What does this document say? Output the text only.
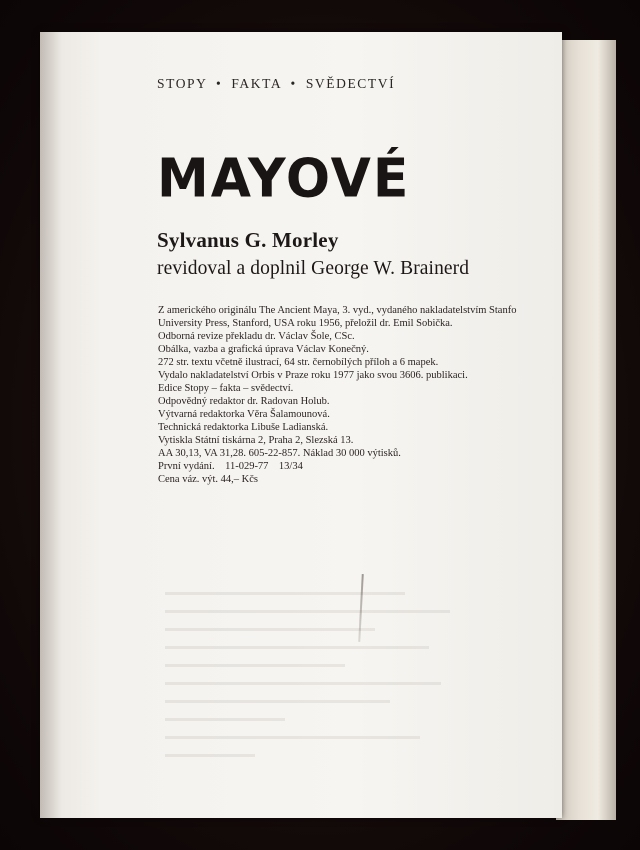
STOPY • FAKTA • SVĚDECTVÍ
MAYOVÉ
Sylvanus G. Morley
revidoval a doplnil George W. Brainerd
Z amerického originálu The Ancient Maya, 3. vyd., vydaného nakladatelstvím Stanfo
University Press, Stanford, USA roku 1956, přeložil dr. Emil Sobička.
Odborná revize překladu dr. Václav Šole, CSc.
Obálka, vazba a grafická úprava Václav Konečný.
272 str. textu včetně ilustrací, 64 str. černobílých příloh a 6 mapek.
Vydalo nakladatelství Orbis v Praze roku 1977 jako svou 3606. publikaci.
Edice Stopy – fakta – svědectví.
Odpovědný redaktor dr. Radovan Holub.
Výtvarná redaktorka Věra Šalamounová.
Technická redaktorka Libuše Ladianská.
Vytiskla Státní tiskárna 2, Praha 2, Slezská 13.
AA 30,13, VA 31,28. 605-22-857. Náklad 30 000 výtisků.
První vydání.    11-029-77    13/34
Cena váz. výt. 44,– Kčs
